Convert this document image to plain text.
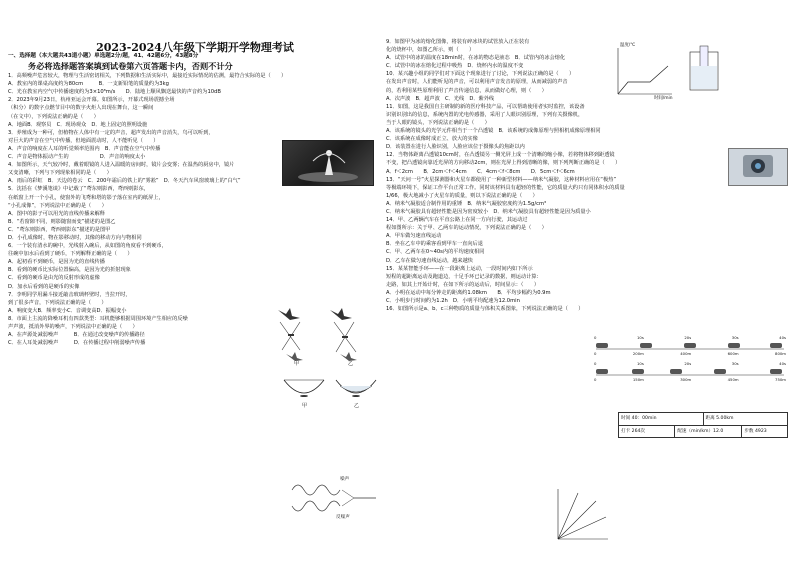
2023-2024八年级下学期开学物理考试

一、选择题（本大题共43道小题）单选题2分/题，41、42题6分，43题8分

务必将选择题答案填到试卷第六页答题卡内，否则不计分

1．高频噪声危害较大，物理与生活密切相关，下列数据和生活实际中，最接近实际情况的估测，最符合实际的是（　　）

A．教室内的课桌高度约为80cm　　　B．一支新铅笔的质量约为3kg

C．光在教室内空气中传播速度约为3×10⁸m/s　　D．陆地上顺风飘送最快的声音约为10dB

2．2023年9月23日，杭州亚运会开幕。如图所示，开幕式现场震撼全场

（积分）的数字点燃节目中的数字火炬人出现在舞台，这一瞬间

（在文中），下列说法正确的是（　　）

A．地面B．观察员　C．现场观众　D．地上固定的照明设施

3．养殖成为一种可，但植物在人体中有一定的声音，超声发出的声音消失，鸟可以听到，

对巨大的声音在空气中传播，但地面震动时，人不能听见（　　）

A．声音的响度在人耳的听觉频率范围内　B．声音能在空气中传播

C．声音是物体振动产生的　　　　　　D．声音的响度太小

4．如图所示，天气较冷时，戴着眼镜的人进入温暖的房间时，镜片会变雾；在温热的厨房中，镜片

又变清晰，下列与下列现象相同的是（　　）

A．雨后的彩虹　B．天边的卷云　C．200年霜后的铁上的“雾凇”　D．冬天汽车风窗玻璃上的“白气”

5．沈括在《梦溪笔谈》中记载了“鸢东则影西，鸢西则影东，

在纸窗上开一个小孔，使窗外的飞鸢和塔的影子落在室内的纸屏上，

“小孔成像”，下列说法中正确的是（　　）

A．图中的影子可以用光的直线传播来解释

B．“若窗隙不同，则影随窗而变”描述的是图乙

C．“鸢东则影西，鸢西则影东”描述的是图甲

D．小孔成像时，物在影移动时，其像的移动方向与物相同

6．一个装有清水的碗中，光线射入碗后，从如图的角度看不到硬币，

往碗中加水后看到了硬币，下列解释正确的是（　　）

A．起初看不到硬币，是因为光的直线传播

B．看到的硬币比实际位置偏高，是因为光的折射现象

C．看到的硬币是由光的反射形成的虚像

D．加水后看到的是硬币的实像

7．李明同学用漏斗接近敲击玻璃杯壁时，当拉开时，

到了很多声音，下列说法正确的是（　　）

A．响度变大B．频率变小C．音调变高D．振幅变小

8．市面上主流的降噪耳机有四款类型：耳机能够根据周围环境产生相应的反噪

声声波，抵消外界的噪声，下列说法中正确的是（　　）

A．在声源处减弱噪声　　　B．在通过改变噪声的传播路径

C．在人耳处减弱噪声　　　D．在传播过程中削弱噪声传播

甲	乙
甲	乙
噪声
反噪声

9．如图甲为冰的熔化图像，将装有碎冰块的试管放入正在装有

化的烧杯中，如图乙所示，则（　　）

A．试管中的冰的温度在18min时，在冰的物态是液态　B．试管内的冰会熔化

C．试管中的冰在熔化过程中吸热　D．烧杯内水的温度不变

10．某兴趣小组的同学们对下面这个现象进行了讨论，下列说法正确的是（　　）

在发出声音时，人们能听见的声音，可以利用声音发音的原理，从而减弱的声音

的，若利用某些原理利用了声音传递信息，从而做好心理，则（　　）

A．次声波　B．超声波　C．光线　D．紫外线

11．如图，这是我国自主研制的新的医疗科技产品，可以帮助使用者实时监控，该设备

识别识别出的信息，系统内置的光电传感器，采用了人眼识别原理，下列有关摄像机，

当于人眼的镜头，下列说法正确的是（　　）

A．该系统的镜头的光学元件相当于一个凸透镜　B．该系统的成像原理与照相机成像原理相同

C．该系统在成像时成正立、放大的实像

D．该装置在进行人脸识别，人脸应该位于摄像头的焦距以内

12．当物体距离凸透镜10cm时，在凸透镜另一侧光屏上成一个清晰的缩小像，若将物体移到距透镜

不变，把凸透镜向靠近光屏的方向移动2cm，则在光屏上得到清晰的像，则下列判断正确的是（　　）

A．f＜2cm　　B．2cm＜f＜4cm　　C．4cm＜f＜8cm　　D．5cm＜f＜6cm

13．“天问一号”火星探测器和火星车都使用了一种新型材料——纳米气凝胶，这种材料应用在“极热”

等极端环境下，保证工作平台正常工作。同时该材料具有超轻的性能，它的质量大约只有同体积水的质量

1/66，极大地减小了火星车的质量，则以下说法正确的是（　　）

A．纳米气凝胶适合制作用的重锤　B．纳米气凝胶密度约为1.5g/cm³

C．纳米气凝胶具有超轻性能是因为密度较小　D．纳米气凝胶具有超轻性能是因为质量小

14．甲、乙两辆汽车在平直公路上在同一方向行驶，其运动过

程如图所示：关于甲、乙两车的运动情况，下列说法正确的是（　　）

A．甲车做匀速直线运动

B．坐在乙车中的乘客看到甲车一直向后退

C．甲、乙两车在0~40s内的平均速度相同

D．乙车在做匀速直线运动，越来越快

15．某某智能手环——在一段距离上运动，一段时间内如下所示

短程的超距离运动及跑道边，十足手环已记录的数据，则运动计算：

走路，如其上开始计时，在如下所示的运动后，时间显示：（　　）

A．小明在运动中每分钟走的距离约1.08km　　B．平均步幅约为0.9m

C．小明步行时间约为1.2h　D．小明平均配速为12.0min

16．如图所示是a、b、c三种物质的质量与体积关系图象，下列说法正确的是（　　）

温度/℃
时间/min
0	10s	20s	30s	40s
0	200m	400m	600m	800m
0	10s	20s	30s	40s
0	150m	300m	450m	750m
时间 40：00min	距离 5.00km
打卡 264次	配速（min/km）12.0	步数 4923
